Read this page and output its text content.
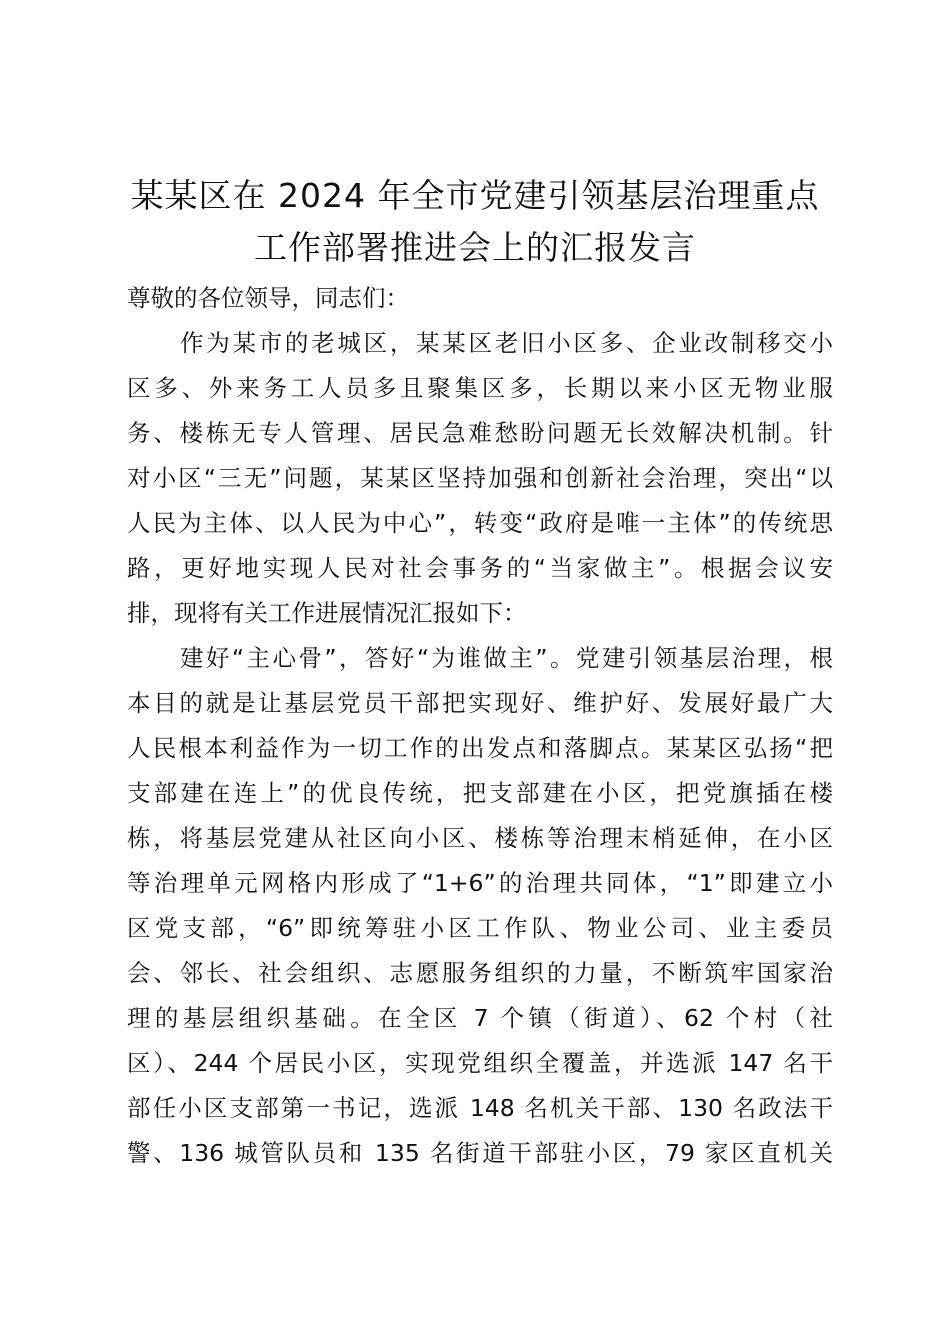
某某区在 2024 年全市党建引领基层治理重点
工作部署推进会上的汇报发言
尊敬的各位领导，同志们：
作为某市的老城区，某某区老旧小区多、企业改制移交小
区多、外来务工人员多且聚集区多，长期以来小区无物业服
务、楼栋无专人管理、居民急难愁盼问题无长效解决机制。针
对小区“三无”问题，某某区坚持加强和创新社会治理，突出“以
人民为主体、以人民为中心”，转变“政府是唯一主体”的传统思
路，更好地实现人民对社会事务的“当家做主”。根据会议安
排，现将有关工作进展情况汇报如下：
建好“主心骨”，答好“为谁做主”。党建引领基层治理，根
本目的就是让基层党员干部把实现好、维护好、发展好最广大
人民根本利益作为一切工作的出发点和落脚点。某某区弘扬“把
支部建在连上”的优良传统，把支部建在小区，把党旗插在楼
栋，将基层党建从社区向小区、楼栋等治理末梢延伸，在小区
等治理单元网格内形成了“1+6”的治理共同体，“1”即建立小
区党支部，“6”即统筹驻小区工作队、物业公司、业主委员
会、邻长、社会组织、志愿服务组织的力量，不断筑牢国家治
理的基层组织基础。在全区 7 个镇（街道）、62 个村（社
区）、244 个居民小区，实现党组织全覆盖，并选派 147 名干
部任小区支部第一书记，选派 148 名机关干部、130 名政法干
警、136 城管队员和 135 名街道干部驻小区，79 家区直机关
